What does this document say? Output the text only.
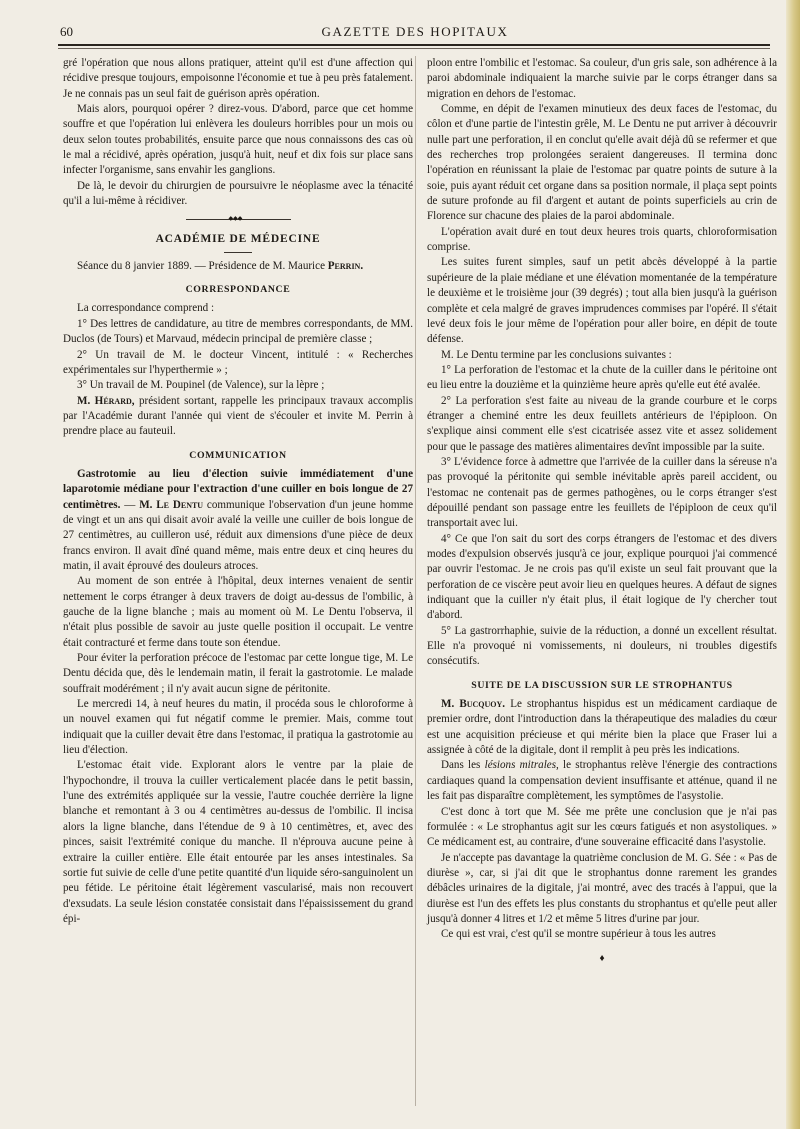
60	GAZETTE DES HOPITAUX

gré l'opération que nous allons pratiquer, atteint qu'il est d'une affection qui récidive presque toujours, empoisonne l'économie et tue à peu près fatalement. Je ne connais pas un seul fait de guérison après opération.

Mais alors, pourquoi opérer ? direz-vous. D'abord, parce que cet homme souffre et que l'opération lui enlèvera les douleurs horribles pour un mois ou deux selon toutes probabilités, ensuite parce que nous connaissons des cas où le mal a récidivé, après opération, jusqu'à huit, neuf et dix fois sur place sans infecter l'organisme, sans envahir les ganglions.

De là, le devoir du chirurgien de poursuivre le néoplasme avec la ténacité qu'il a lui-même à récidiver.

◆◆◆
ACADÉMIE DE MÉDECINE

Séance du 8 janvier 1889. — Présidence de M. Maurice Perrin.

CORRESPONDANCE

La correspondance comprend :

1° Des lettres de candidature, au titre de membres correspondants, de MM. Duclos (de Tours) et Marvaud, médecin principal de première classe ;

2° Un travail de M. le docteur Vincent, intitulé : « Recherches expérimentales sur l'hyperthermie » ;

3° Un travail de M. Poupinel (de Valence), sur la lèpre ;

M. Hérard, président sortant, rappelle les principaux travaux accomplis par l'Académie durant l'année qui vient de s'écouler et invite M. Perrin à prendre place au fauteuil.

COMMUNICATION

Gastrotomie au lieu d'élection suivie immédiatement d'une laparotomie médiane pour l'extraction d'une cuiller en bois longue de 27 centimètres. — M. Le Dentu communique l'observation d'un jeune homme de vingt et un ans qui disait avoir avalé la veille une cuiller de bois longue de 27 centimètres, au cuilleron usé, réduit aux dimensions d'une pièce de deux francs environ. Il avait dîné quand même, mais entre deux et cinq heures du matin, il avait éprouvé des douleurs atroces.

Au moment de son entrée à l'hôpital, deux internes venaient de sentir nettement le corps étranger à deux travers de doigt au-dessus de l'ombilic, à gauche de la ligne blanche ; mais au moment où M. Le Dentu l'observa, il n'était plus possible de savoir au juste quelle position il occupait. Le ventre était contracturé et ferme dans toute son étendue.

Pour éviter la perforation précoce de l'estomac par cette longue tige, M. Le Dentu décida que, dès le lendemain matin, il ferait la gastrotomie. Le malade souffrait modérément ; il n'y avait aucun signe de péritonite.

Le mercredi 14, à neuf heures du matin, il procéda sous le chloroforme à un nouvel examen qui fut négatif comme le premier. Mais, comme tout indiquait que la cuiller devait être dans l'estomac, il pratiqua la gastrotomie au lieu d'élection.

L'estomac était vide. Explorant alors le ventre par la plaie de l'hypochondre, il trouva la cuiller verticalement placée dans le petit bassin, l'une des extrémités appliquée sur la vessie, l'autre couchée derrière la ligne blanche et remontant à 3 ou 4 centimètres au-dessus de l'ombilic. Il incisa alors la ligne blanche, dans l'étendue de 9 à 10 centimètres, et, avec des pinces, saisit l'extrémité conique du manche. Il n'éprouva aucune peine à extraire la cuiller entière. Elle était entourée par les anses intestinales. Sa sortie fut suivie de celle d'une petite quantité d'un liquide séro-sanguinolent un peu fétide. Le péritoine était légèrement vascularisé, mais non recouvert d'exsudats. La seule lésion constatée consistait dans l'épaississement du grand épi-

ploon entre l'ombilic et l'estomac. Sa couleur, d'un gris sale, son adhérence à la paroi abdominale indiquaient la marche suivie par le corps étranger dans sa migration en dehors de l'estomac.

Comme, en dépit de l'examen minutieux des deux faces de l'estomac, du côlon et d'une partie de l'intestin grêle, M. Le Dentu ne put arriver à découvrir nulle part une perforation, il en conclut qu'elle avait déjà dû se refermer et que des recherches trop prolongées seraient dangereuses. Il termina donc l'opération en réunissant la plaie de l'estomac par quatre points de suture à la soie, puis ayant réduit cet organe dans sa position normale, il plaça sept points de suture profonde au fil d'argent et autant de points superficiels au crin de Florence sur chacune des plaies de la paroi abdominale.

L'opération avait duré en tout deux heures trois quarts, chloroformisation comprise.

Les suites furent simples, sauf un petit abcès développé à la partie supérieure de la plaie médiane et une élévation momentanée de la température le deuxième et le troisième jour (39 degrés) ; tout alla bien jusqu'à la guérison complète et cela malgré de graves imprudences commises par l'opéré. Il s'était levé deux fois le jour même de l'opération pour aller boire, en dépit de toute défense.

M. Le Dentu termine par les conclusions suivantes :

1° La perforation de l'estomac et la chute de la cuiller dans le péritoine ont eu lieu entre la douzième et la quinzième heure après qu'elle eut été avalée.

2° La perforation s'est faite au niveau de la grande courbure et le corps étranger a cheminé entre les deux feuillets antérieurs de l'épiploon. On s'explique ainsi comment elle s'est cicatrisée assez vite et assez solidement pour que le passage des matières alimentaires devînt impossible par la suite.

3° L'évidence force à admettre que l'arrivée de la cuiller dans la séreuse n'a pas provoqué la péritonite qui semble inévitable après pareil accident, ou l'estomac ne contenait pas de germes pathogènes, ou le corps étranger s'est dépouillé pendant son passage entre les feuillets de l'épiploon de ceux qu'il transportait avec lui.

4° Ce que l'on sait du sort des corps étrangers de l'estomac et des divers modes d'expulsion observés jusqu'à ce jour, explique pourquoi j'ai commencé par ouvrir l'estomac. Je ne crois pas qu'il existe un seul fait prouvant que la perforation de ce viscère peut avoir lieu en quelques heures. A défaut de signes indiquant que la cuiller n'y était plus, il était logique de l'y chercher tout d'abord.

5° La gastrorrhaphie, suivie de la réduction, a donné un excellent résultat. Elle n'a provoqué ni vomissements, ni douleurs, ni troubles digestifs consécutifs.

SUITE DE LA DISCUSSION SUR LE STROPHANTUS

M. Bucquoy. Le strophantus hispidus est un médicament cardiaque de premier ordre, dont l'introduction dans la thérapeutique des maladies du cœur est une acquisition précieuse et qui mérite bien la place que Fraser lui a assignée à côté de la digitale, dont il remplit à peu près les indications.

Dans les lésions mitrales, le strophantus relève l'énergie des contractions cardiaques quand la compensation devient insuffisante et atténue, quand il ne les fait pas disparaître complètement, les symptômes de l'asystolie.

C'est donc à tort que M. Sée me prête une conclusion que je n'ai pas formulée : « Le strophantus agit sur les cœurs fatigués et non asystoliques. » Ce médicament est, au contraire, d'une souveraine efficacité dans l'asystolie.

Je n'accepte pas davantage la quatrième conclusion de M. G. Sée : « Pas de diurèse », car, si j'ai dit que le strophantus donne rarement les grandes débâcles urinaires de la digitale, j'ai montré, avec des tracés à l'appui, que la diurèse est l'un des effets les plus constants du strophantus et qu'elle peut aller jusqu'à donner 4 litres et 1/2 et même 5 litres d'urine par jour.

Ce qui est vrai, c'est qu'il se montre supérieur à tous les autres

♦
